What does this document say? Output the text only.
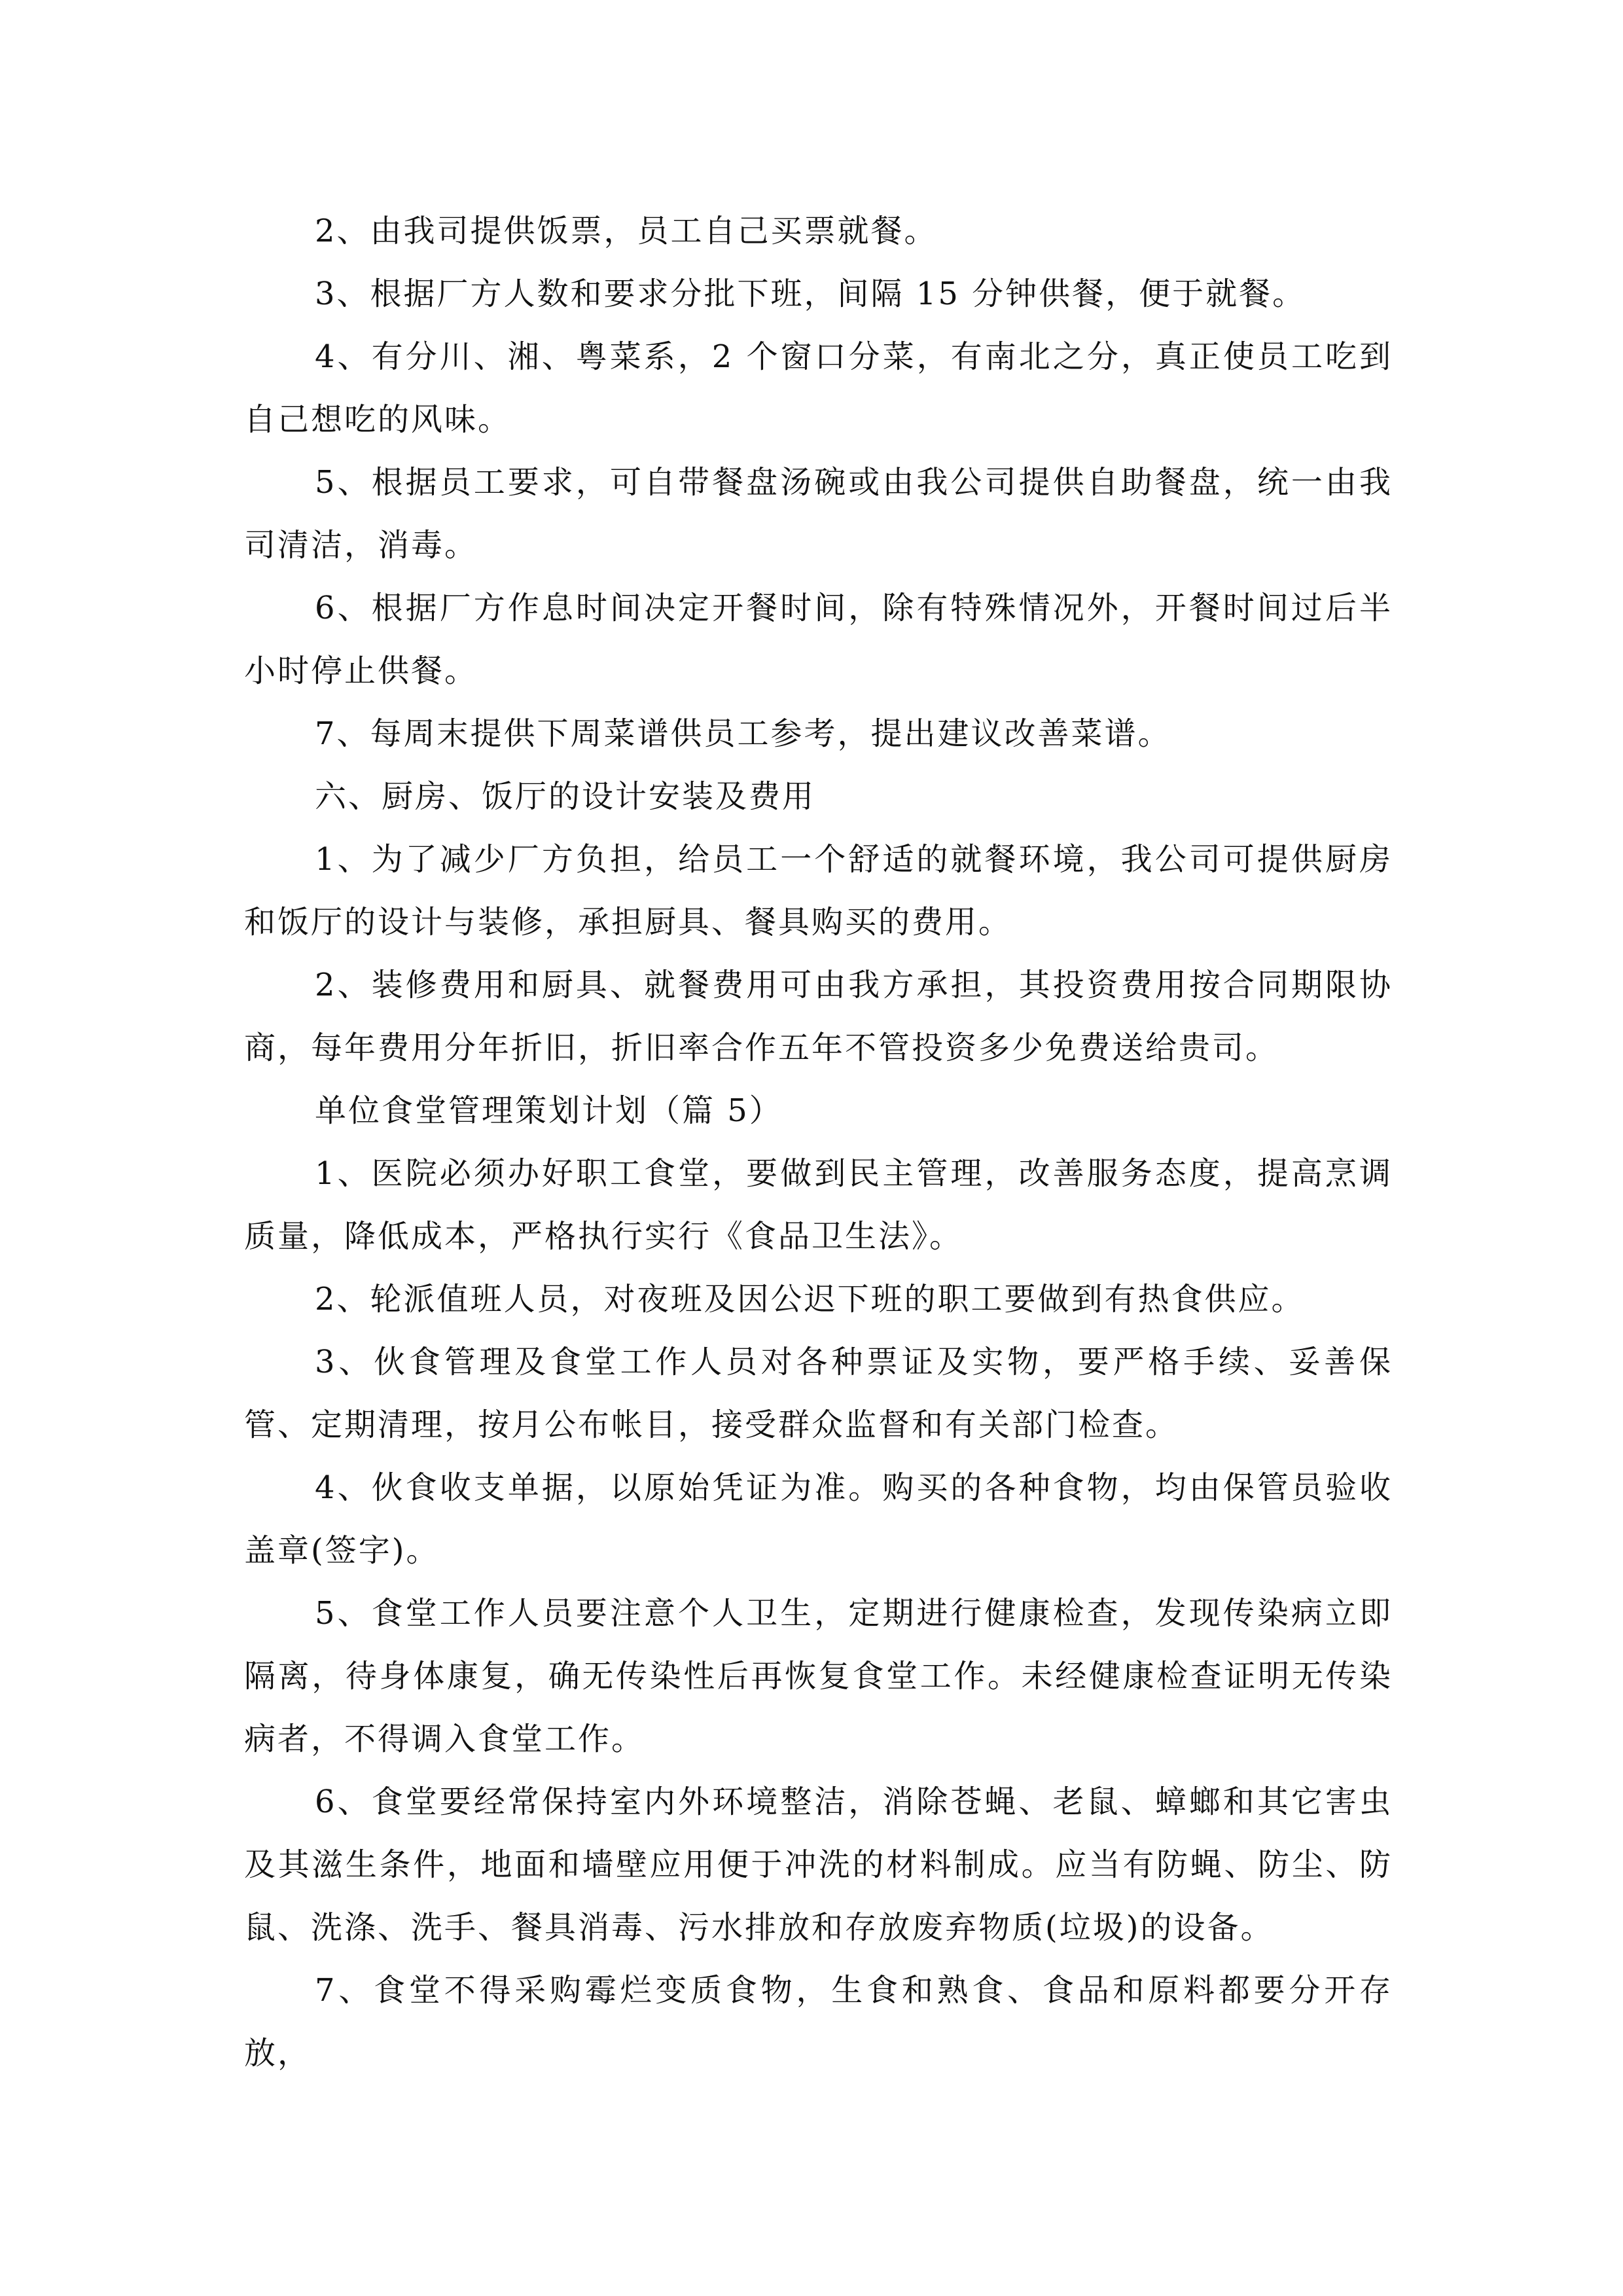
2、由我司提供饭票，员工自己买票就餐。

3、根据厂方人数和要求分批下班，间隔 15 分钟供餐，便于就餐。

4、有分川、湘、粤菜系，2 个窗口分菜，有南北之分，真正使员工吃到自己想吃的风味。

5、根据员工要求，可自带餐盘汤碗或由我公司提供自助餐盘，统一由我司清洁，消毒。

6、根据厂方作息时间决定开餐时间，除有特殊情况外，开餐时间过后半小时停止供餐。

7、每周末提供下周菜谱供员工参考，提出建议改善菜谱。

六、厨房、饭厅的设计安装及费用

1、为了减少厂方负担，给员工一个舒适的就餐环境，我公司可提供厨房和饭厅的设计与装修，承担厨具、餐具购买的费用。

2、装修费用和厨具、就餐费用可由我方承担，其投资费用按合同期限协商，每年费用分年折旧，折旧率合作五年不管投资多少免费送给贵司。

单位食堂管理策划计划（篇 5）

1、医院必须办好职工食堂，要做到民主管理，改善服务态度，提高烹调质量，降低成本，严格执行实行《食品卫生法》。

2、轮派值班人员，对夜班及因公迟下班的职工要做到有热食供应。

3、伙食管理及食堂工作人员对各种票证及实物，要严格手续、妥善保管、定期清理，按月公布帐目，接受群众监督和有关部门检查。

4、伙食收支单据，以原始凭证为准。购买的各种食物，均由保管员验收盖章(签字)。

5、食堂工作人员要注意个人卫生，定期进行健康检查，发现传染病立即隔离，待身体康复，确无传染性后再恢复食堂工作。未经健康检查证明无传染病者，不得调入食堂工作。

6、食堂要经常保持室内外环境整洁，消除苍蝇、老鼠、蟑螂和其它害虫及其滋生条件，地面和墙壁应用便于冲洗的材料制成。应当有防蝇、防尘、防鼠、洗涤、洗手、餐具消毒、污水排放和存放废弃物质(垃圾)的设备。

7、食堂不得采购霉烂变质食物，生食和熟食、食品和原料都要分开存放，
